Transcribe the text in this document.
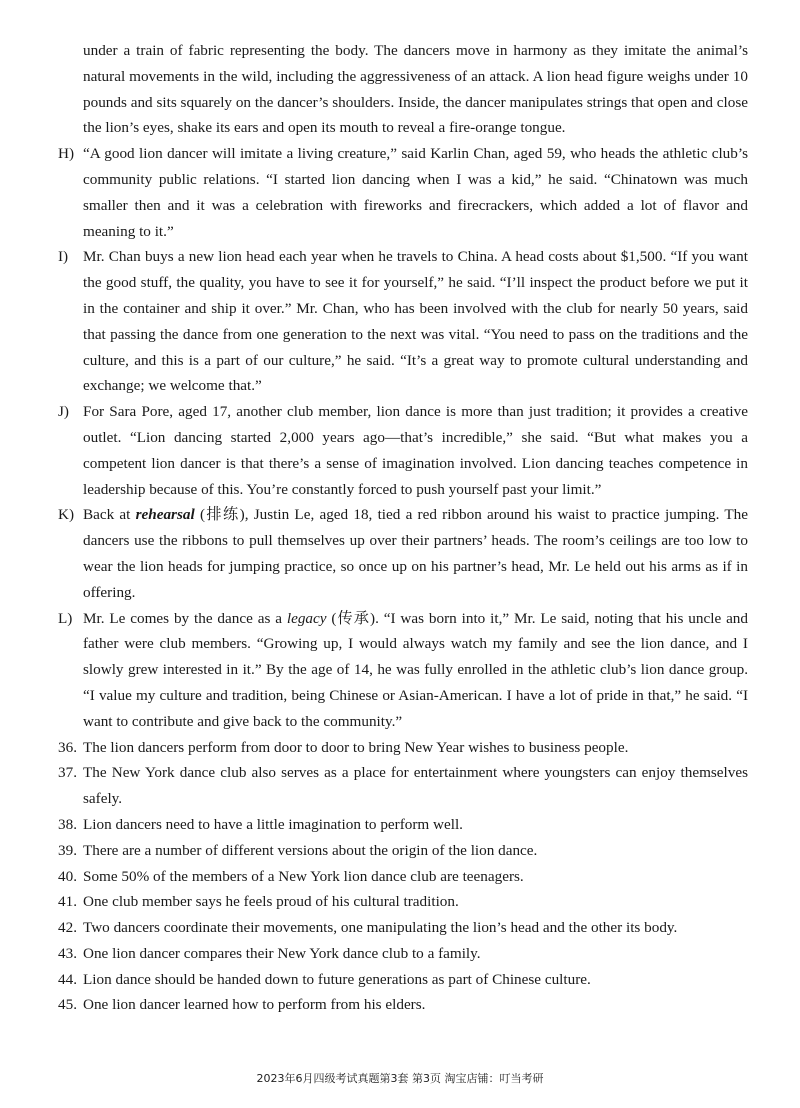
under a train of fabric representing the body. The dancers move in harmony as they imitate the animal’s natural movements in the wild, including the aggressiveness of an attack. A lion head figure weighs under 10 pounds and sits squarely on the dancer’s shoulders. Inside, the dancer manipulates strings that open and close the lion’s eyes, shake its ears and open its mouth to reveal a fire-orange tongue.

H) “A good lion dancer will imitate a living creature,” said Karlin Chan, aged 59, who heads the athletic club’s community public relations. “I started lion dancing when I was a kid,” he said. “Chinatown was much smaller then and it was a celebration with fireworks and firecrackers, which added a lot of flavor and meaning to it.”

I) Mr. Chan buys a new lion head each year when he travels to China. A head costs about $1,500. “If you want the good stuff, the quality, you have to see it for yourself,” he said. “I’ll inspect the product before we put it in the container and ship it over.” Mr. Chan, who has been involved with the club for nearly 50 years, said that passing the dance from one generation to the next was vital. “You need to pass on the traditions and the culture, and this is a part of our culture,” he said. “It’s a great way to promote cultural understanding and exchange; we welcome that.”

J) For Sara Pore, aged 17, another club member, lion dance is more than just tradition; it provides a creative outlet. “Lion dancing started 2,000 years ago—that’s incredible,” she said. “But what makes you a competent lion dancer is that there’s a sense of imagination involved. Lion dancing teaches competence in leadership because of this. You’re constantly forced to push yourself past your limit.”

K) Back at rehearsal (排练), Justin Le, aged 18, tied a red ribbon around his waist to practice jumping. The dancers use the ribbons to pull themselves up over their partners’ heads. The room’s ceilings are too low to wear the lion heads for jumping practice, so once up on his partner’s head, Mr. Le held out his arms as if in offering.

L) Mr. Le comes by the dance as a legacy (传承). “I was born into it,” Mr. Le said, noting that his uncle and father were club members. “Growing up, I would always watch my family and see the lion dance, and I slowly grew interested in it.” By the age of 14, he was fully enrolled in the athletic club’s lion dance group. “I value my culture and tradition, being Chinese or Asian-American. I have a lot of pride in that,” he said. “I want to contribute and give back to the community.”

36. The lion dancers perform from door to door to bring New Year wishes to business people.

37. The New York dance club also serves as a place for entertainment where youngsters can enjoy themselves safely.

38. Lion dancers need to have a little imagination to perform well.

39. There are a number of different versions about the origin of the lion dance.

40. Some 50% of the members of a New York lion dance club are teenagers.

41. One club member says he feels proud of his cultural tradition.

42. Two dancers coordinate their movements, one manipulating the lion’s head and the other its body.

43. One lion dancer compares their New York dance club to a family.

44. Lion dance should be handed down to future generations as part of Chinese culture.

45. One lion dancer learned how to perform from his elders.

2023年6月四级考试真题第3套 第3页 淘宝店铺：叮当考研
